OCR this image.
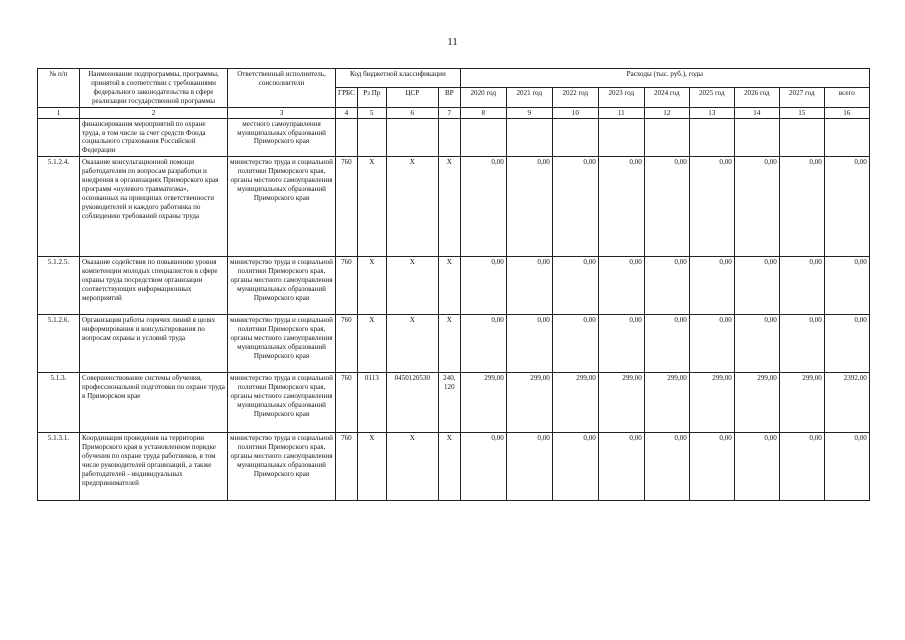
11
№ п/п	Наименование подпрограммы, программы, принятой в соответствии с требованиями федерального законодательства в сфере реализации государственной программы	Ответственный исполнитель, соисполнители	Код бюджетной классификации				Расходы (тыс. руб.), годы								
			ГРБС	Рз Пр	ЦСР	ВР	2020 год	2021 год	2022 год	2023 год	2024 год	2025 год	2026 год	2027 год	всего
1	2	3	4	5	6	7	8	9	10	11	12	13	14	15	16
	финансирования мероприятий по охране труда, в том числе за счет средств Фонда социального страхования Российской Федерации	местного самоуправления муниципальных образований Приморского края													
5.1.2.4.	Оказание консультационной помощи работодателям по вопросам разработки и внедрения в организациях Приморского края программ «нулевого травматизма», основанных на принципах ответственности руководителей и каждого работника по соблюдению требований охраны труда	министерство труда и социальной политики Приморского края, органы местного самоуправления муниципальных образований Приморского края	760	Х	Х	Х	0,00	0,00	0,00	0,00	0,00	0,00	0,00	0,00	0,00
5.1.2.5.	Оказание содействия по повышению уровня компетенции молодых специалистов в сфере охраны труда посредством организации соответствующих информационных мероприятий	министерство труда и социальной политики Приморского края, органы местного самоуправления муниципальных образований Приморского края	760	Х	Х	Х	0,00	0,00	0,00	0,00	0,00	0,00	0,00	0,00	0,00
5.1.2.6.	Организация работы горячих линий в целях информирования и консультирования по вопросам охраны и условий труда	министерство труда и социальной политики Приморского края, органы местного самоуправления муниципальных образований Приморского края	760	Х	Х	Х	0,00	0,00	0,00	0,00	0,00	0,00	0,00	0,00	0,00
5.1.3.	Совершенствование системы обучения, профессиональной подготовки по охране труда в Приморском крае	министерство труда и социальной политики Приморского края, органы местного самоуправления муниципальных образований Приморского края	760	0113	0450120530	240, 120	299,00	299,00	299,00	299,00	299,00	299,00	299,00	299,00	2392,00
5.1.3.1.	Координация проведения на территории Приморского края в установленном порядке обучения по охране труда работников, в том числе руководителей организаций, а также работодателей - индивидуальных предпринимателей	министерство труда и социальной политики Приморского края, органы местного самоуправления муниципальных образований Приморского края	760	Х	Х	Х	0,00	0,00	0,00	0,00	0,00	0,00	0,00	0,00	0,00
